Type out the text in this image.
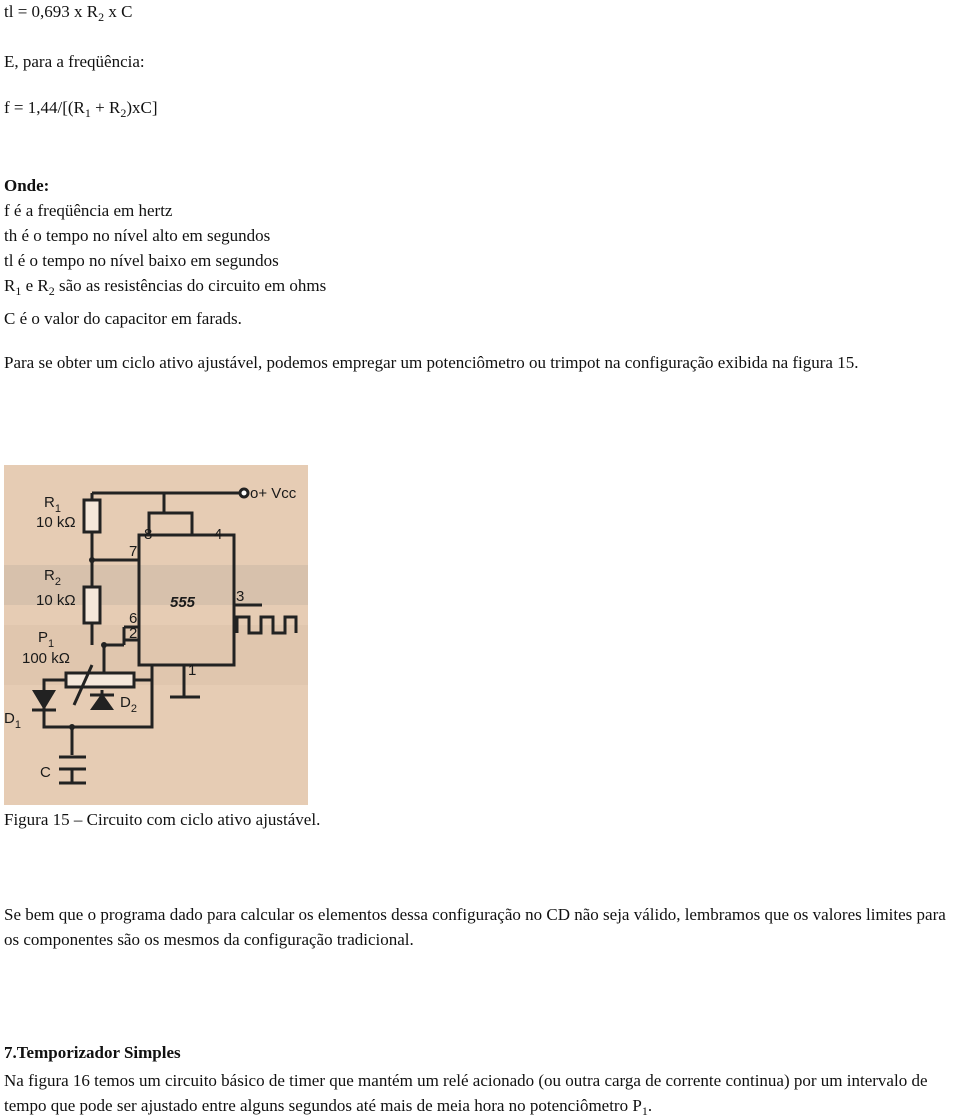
tl = 0,693 x $R_2$ x C
E, para a freqüência:
$f = 1,44/[(R_1 + R_2)xC]$
Onde:
f é a freqüência em hertz
th é o tempo no nível alto em segundos
tl é o tempo no nível baixo em segundos
$R_1$ e $R_2$ são as resistências do circuito em ohms
C é o valor do capacitor em farads.
Para se obter um ciclo ativo ajustável, podemos empregar um potenciômetro ou trimpot na configuração exibida na figura 15.
o+ Vcc
$R_1$
10 kΩ
$R_2$
10 kΩ
$P_1$
100 kΩ
$D_1$
$D_2$
C
555
8	4
7
6
2
3
1
Figura 15 – Circuito com ciclo ativo ajustável.
Se bem que o programa dado para calcular os elementos dessa configuração no CD não seja válido, lembramos que os valores limites para os componentes são os mesmos da configuração tradicional.
7.Temporizador Simples
Na figura 16 temos um circuito básico de timer que mantém um relé acionado (ou outra carga de corrente continua) por um intervalo de tempo que pode ser ajustado entre alguns segundos até mais de meia hora no potenciômetro $P_1$.
